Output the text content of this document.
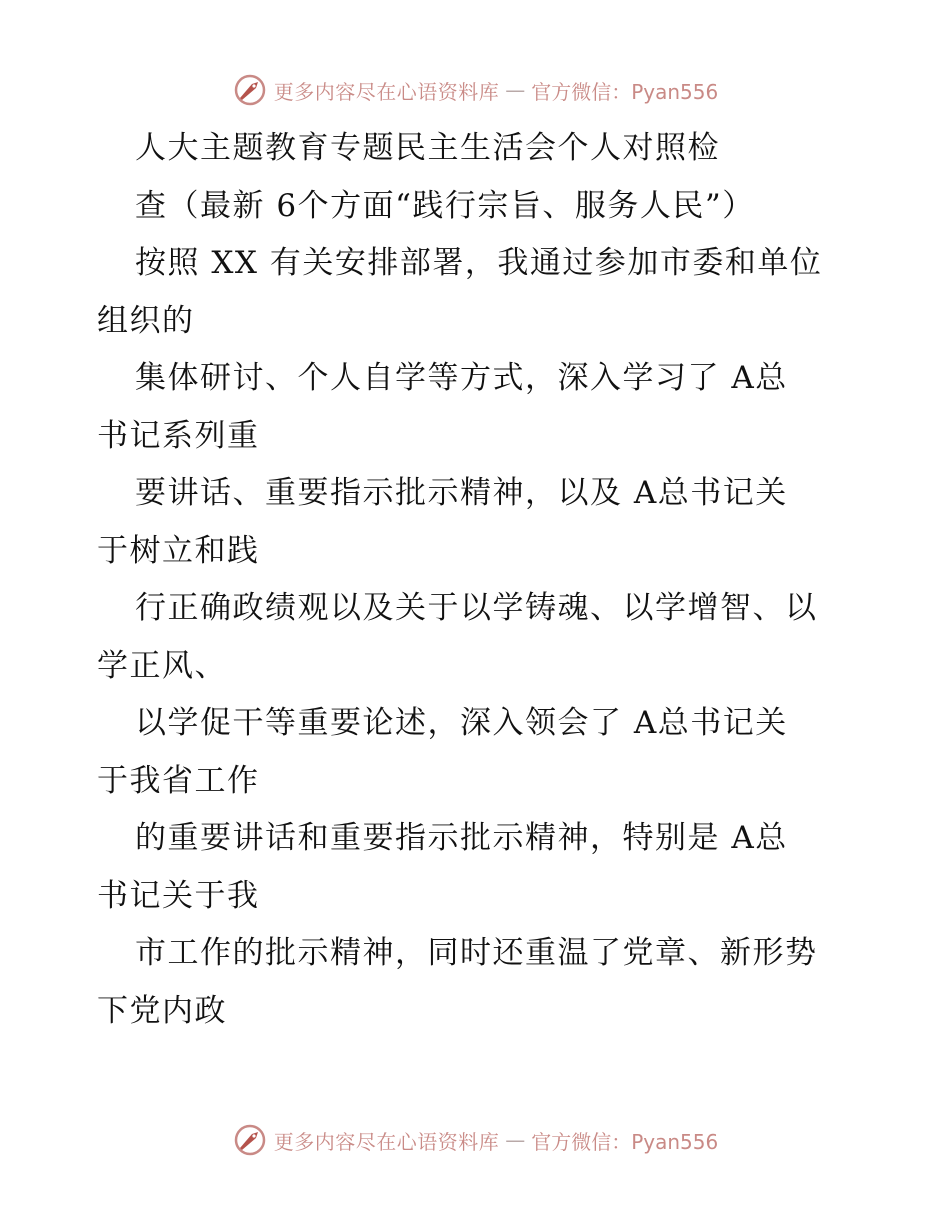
更多内容尽在心语资料库 — 官方微信：Pyan556
人大主题教育专题民主生活会个人对照检
查（最新 6个方面“践行宗旨、服务人民”）
按照 XX 有关安排部署，我通过参加市委和单位
组织的
集体研讨、个人自学等方式，深入学习了 A总
书记系列重
要讲话、重要指示批示精神，以及 A总书记关
于树立和践
行正确政绩观以及关于以学铸魂、以学增智、以
学正风、
以学促干等重要论述，深入领会了 A总书记关
于我省工作
的重要讲话和重要指示批示精神，特别是 A总
书记关于我
市工作的批示精神，同时还重温了党章、新形势
下党内政
更多内容尽在心语资料库 — 官方微信：Pyan556
